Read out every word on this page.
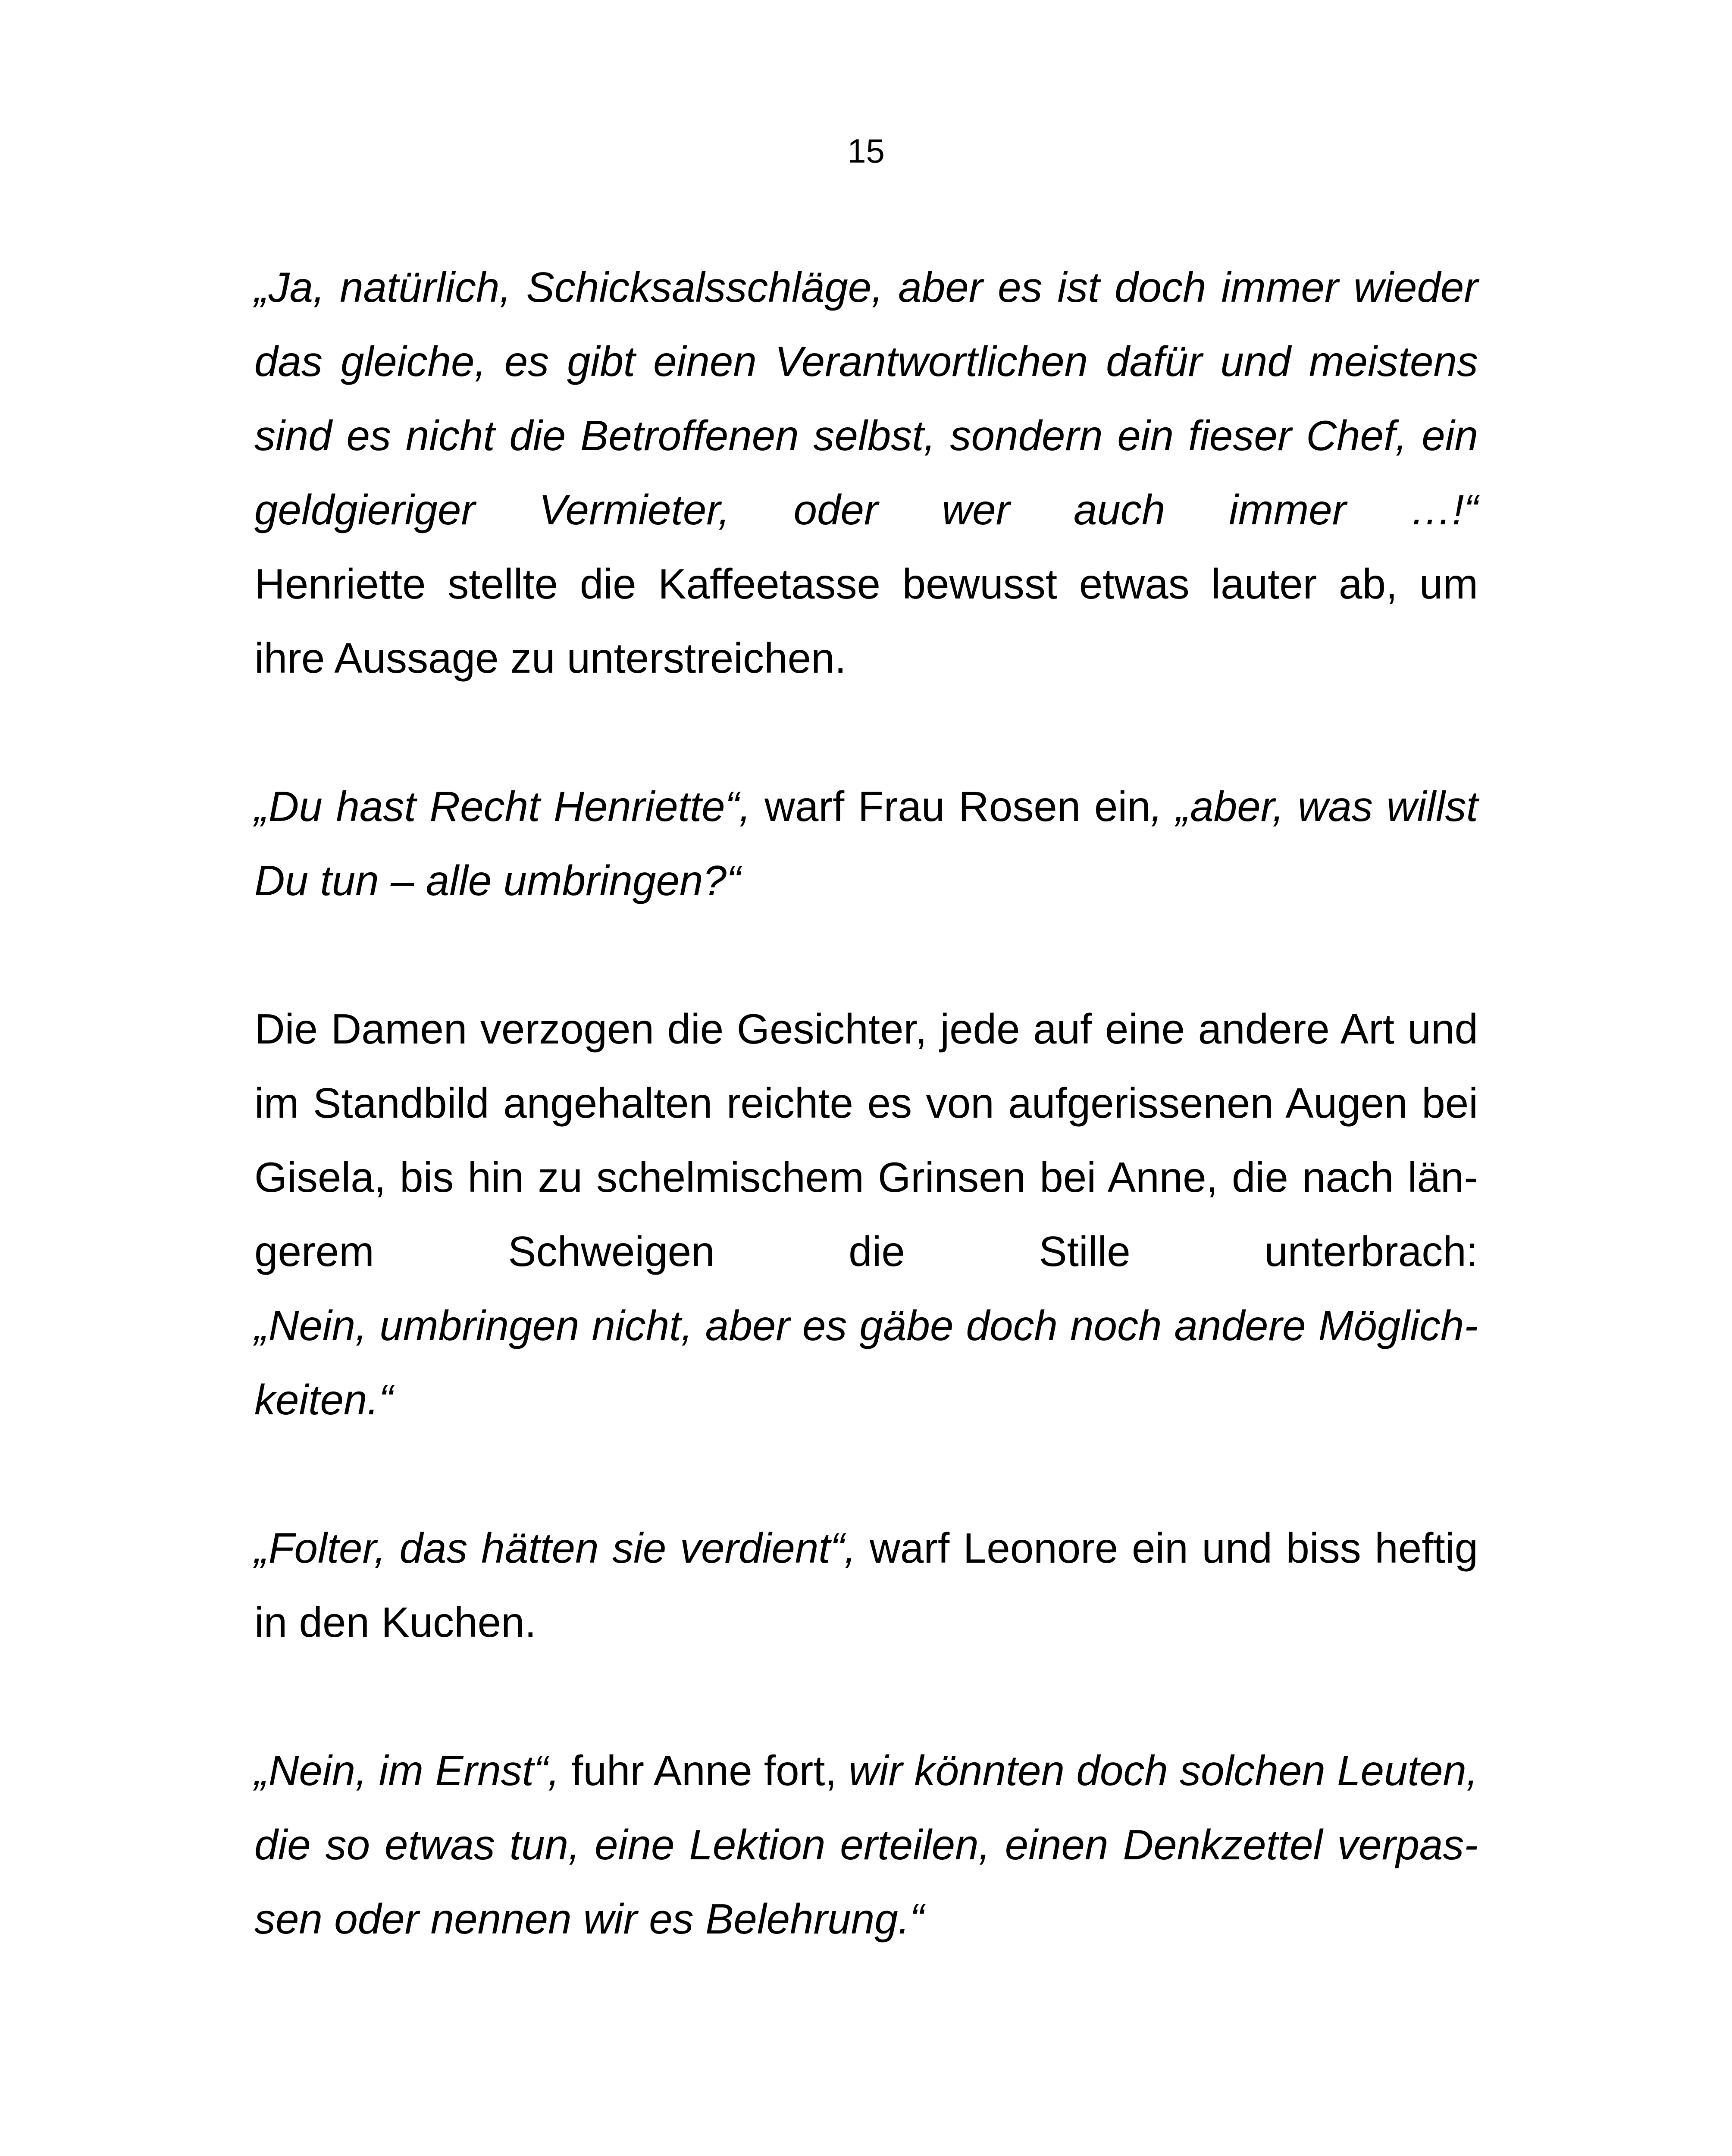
15
„Ja, natürlich, Schicksalsschläge, aber es ist doch immer wieder
das gleiche, es gibt einen Verantwortlichen dafür und meistens
sind es nicht die Betroffenen selbst, sondern ein fieser Chef, ein
geldgieriger Vermieter, oder wer auch immer …!“
Henriette stellte die Kaffeetasse bewusst etwas lauter ab, um
ihre Aussage zu unterstreichen.
„Du hast Recht Henriette“, warf Frau Rosen ein, „aber, was willst
Du tun – alle umbringen?“
Die Damen verzogen die Gesichter, jede auf eine andere Art und
im Standbild angehalten reichte es von aufgerissenen Augen bei
Gisela, bis hin zu schelmischem Grinsen bei Anne, die nach län-
gerem Schweigen die Stille unterbrach:
„Nein, umbringen nicht, aber es gäbe doch noch andere Möglich-
keiten.“
„Folter, das hätten sie verdient“, warf Leonore ein und biss heftig
in den Kuchen.
„Nein, im Ernst“, fuhr Anne fort, wir könnten doch solchen Leuten,
die so etwas tun, eine Lektion erteilen, einen Denkzettel verpas-
sen oder nennen wir es Belehrung.“
